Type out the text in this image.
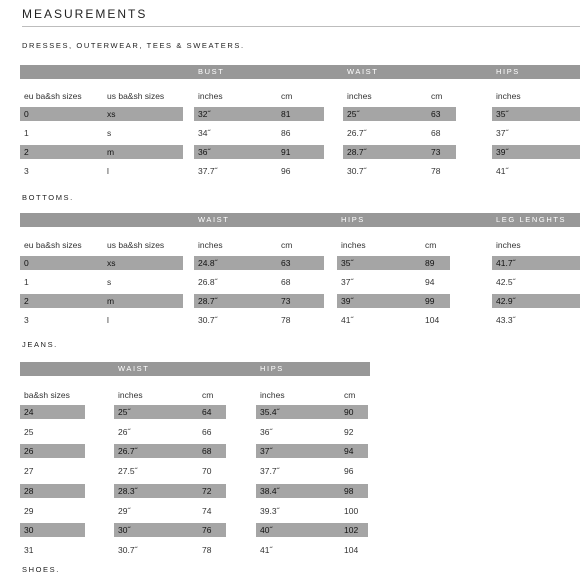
MEASUREMENTS
DRESSES, OUTERWEAR, TEES & SWEATERS.
BUST	WAIST	HIPS
eu ba&sh sizes	us ba&sh sizes	inches	cm	inches	cm	inches
0	xs	32˝	81	25˝	63	35˝
1	s	34˝	86	26.7˝	68	37˝
2	m	36˝	91	28.7˝	73	39˝
3	l	37.7˝	96	30.7˝	78	41˝
BOTTOMS.
WAIST	HIPS	LEG LENGHTS
eu ba&sh sizes	us ba&sh sizes	inches	cm	inches	cm	inches
0	xs	24.8˝	63	35˝	89	41.7˝
1	s	26.8˝	68	37˝	94	42.5˝
2	m	28.7˝	73	39˝	99	42.9˝
3	l	30.7˝	78	41˝	104	43.3˝
JEANS.
WAIST	HIPS
ba&sh sizes	inches	cm	inches	cm
24	25˝	64	35.4˝	90
25	26˝	66	36˝	92
26	26.7˝	68	37˝	94
27	27.5˝	70	37.7˝	96
28	28.3˝	72	38.4˝	98
29	29˝	74	39.3˝	100
30	30˝	76	40˝	102
31	30.7˝	78	41˝	104
SHOES.
